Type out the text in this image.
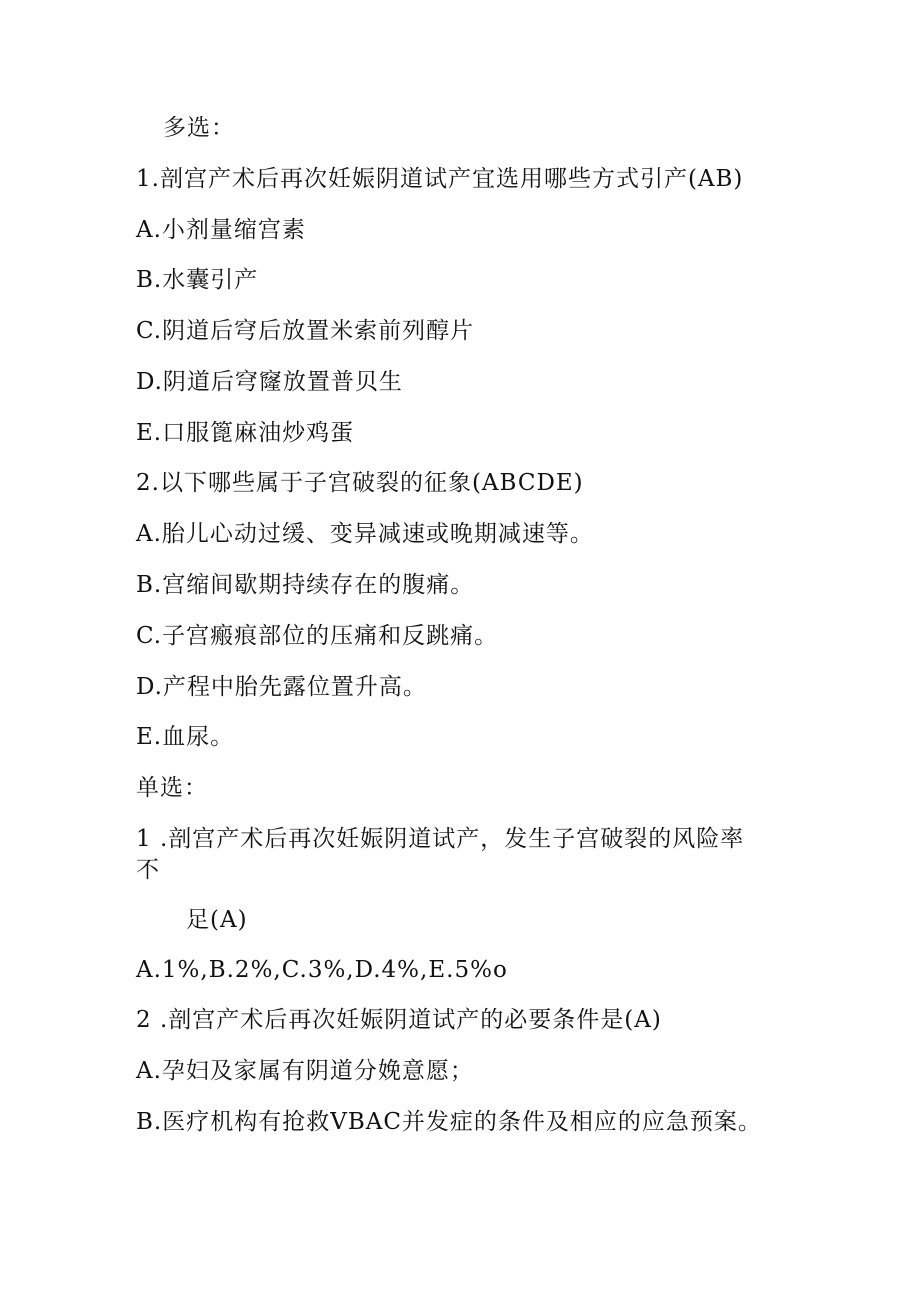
多选：
1.剖宫产术后再次妊娠阴道试产宜选用哪些方式引产(AB)
A.小剂量缩宫素
B.水囊引产
C.阴道后穹后放置米索前列醇片
D.阴道后穹窿放置普贝生
E.口服篦麻油炒鸡蛋
2.以下哪些属于子宫破裂的征象(ABCDE)
A.胎儿心动过缓、变异减速或晚期减速等。
B.宫缩间歇期持续存在的腹痛。
C.子宫瘢痕部位的压痛和反跳痛。
D.产程中胎先露位置升高。
E.血尿。
单选：
1 .剖宫产术后再次妊娠阴道试产，发生子宫破裂的风险率
不
足(A)
A.1%,B.2%,C.3%,D.4%,E.5%o
2 .剖宫产术后再次妊娠阴道试产的必要条件是(A)
A.孕妇及家属有阴道分娩意愿；
B.医疗机构有抢救VBAC并发症的条件及相应的应急预案。
